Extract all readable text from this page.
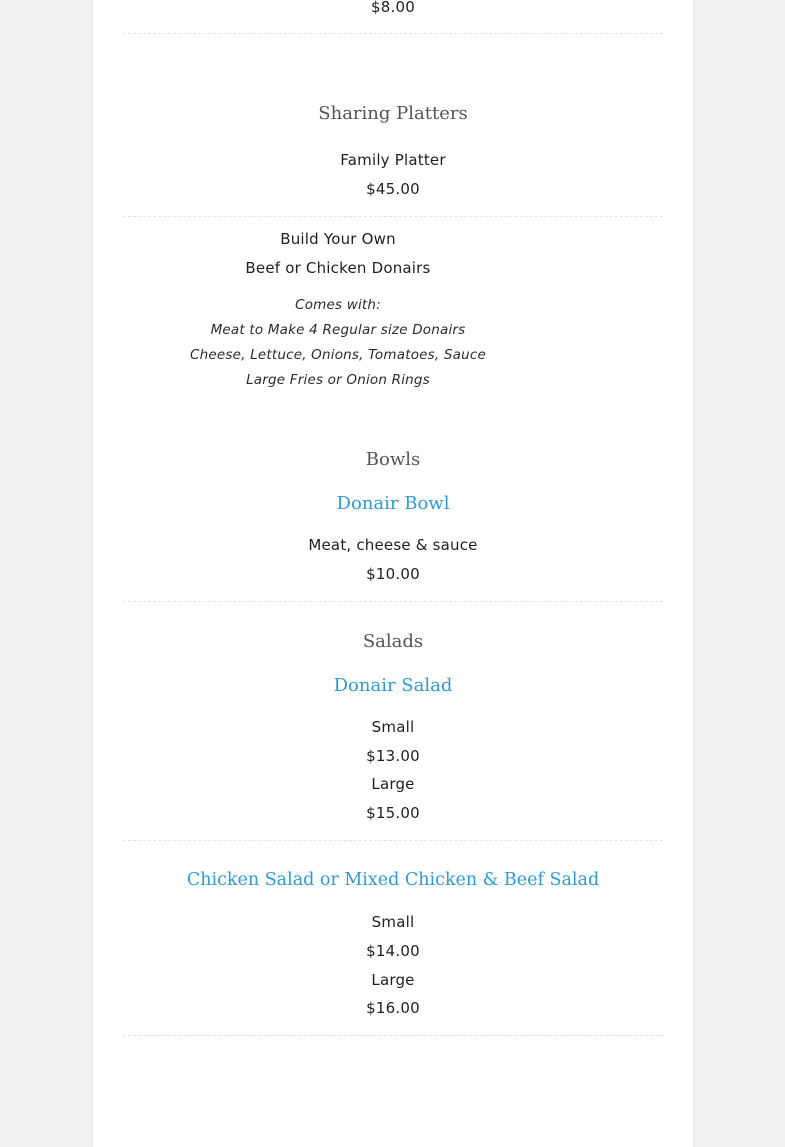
$8.00
Sharing Platters
Family Platter
$45.00
Build Your Own
Beef or Chicken Donairs
Comes with:
Meat to Make 4 Regular size Donairs
Cheese, Lettuce, Onions, Tomatoes, Sauce
Large Fries or Onion Rings
Bowls
Donair Bowl
Meat, cheese & sauce
$10.00
Salads
Donair Salad
Small
$13.00
Large
$15.00
Chicken Salad or Mixed Chicken & Beef Salad
Small
$14.00
Large
$16.00
